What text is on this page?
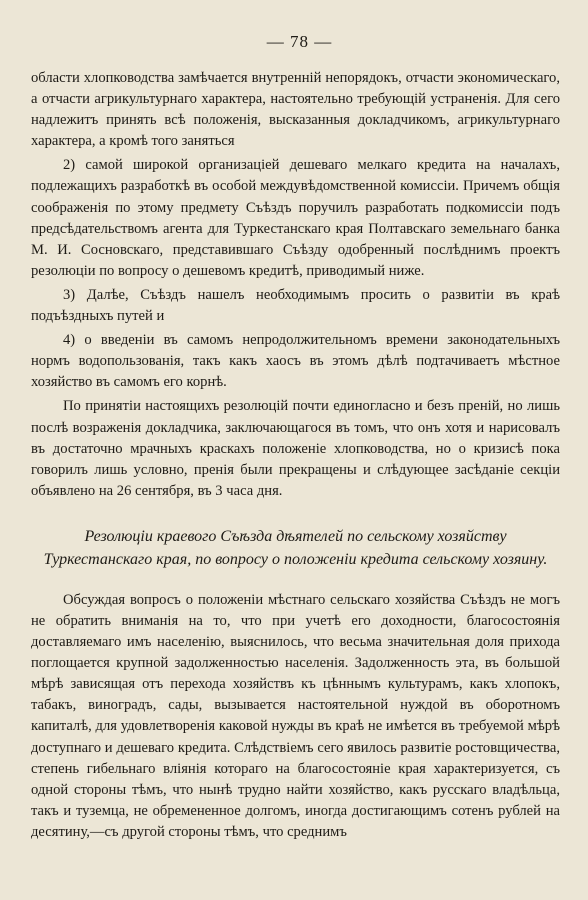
— 78 —

области хлопководства замѣчается внутренній непорядокъ, отчасти экономическаго, а отчасти агрикультурнаго характера, настоятельно требующій устраненія. Для сего надлежитъ принять всѣ положенія, высказанныя докладчикомъ, агрикультурнаго характера, а кромѣ того заняться

2) самой широкой организаціей дешеваго мелкаго кредита на началахъ, подлежащихъ разработкѣ въ особой междувѣдомственной комиссіи. Причемъ общія соображенія по этому предмету Съѣздъ поручилъ разработать подкомиссіи подъ предсѣдательствомъ агента для Туркестанскаго края Полтавскаго земельнаго банка М. И. Сосновскаго, представившаго Съѣзду одобренный послѣднимъ проектъ резолюціи по вопросу о дешевомъ кредитѣ, приводимый ниже.

3) Далѣе, Съѣздъ нашелъ необходимымъ просить о развитіи въ краѣ подъѣздныхъ путей и

4) о введеніи въ самомъ непродолжительномъ времени законодательныхъ нормъ водопользованія, такъ какъ хаосъ въ этомъ дѣлѣ подтачиваетъ мѣстное хозяйство въ самомъ его корнѣ.

По принятіи настоящихъ резолюцій почти единогласно и безъ преній, но лишь послѣ возраженія докладчика, заключающагося въ томъ, что онъ хотя и нарисовалъ въ достаточно мрачныхъ краскахъ положеніе хлопководства, но о кризисѣ пока говорилъ лишь условно, пренія были прекращены и слѣдующее засѣданіе секціи объявлено на 26 сентября, въ 3 часа дня.

Резолюціи краевого Съѣзда дѣятелей по сельскому хозяйству Туркестанскаго края, по вопросу о положеніи кредита сельскому хозяину.

Обсуждая вопросъ о положеніи мѣстнаго сельскаго хозяйства Съѣздъ не могъ не обратить вниманія на то, что при учетѣ его доходности, благосостоянія доставляемаго имъ населенію, выяснилось, что весьма значительная доля прихода поглощается крупной задолженностью населенія. Задолженность эта, въ большой мѣрѣ зависящая отъ перехода хозяйствъ къ цѣннымъ культурамъ, какъ хлопокъ, табакъ, виноградъ, сады, вызывается настоятельной нуждой въ оборотномъ капиталѣ, для удовлетворенія каковой нужды въ краѣ не имѣется въ требуемой мѣрѣ доступнаго и дешеваго кредита. Слѣдствіемъ сего явилось развитіе ростовщичества, степень гибельнаго вліянія котораго на благосостояніе края характеризуется, съ одной стороны тѣмъ, что нынѣ трудно найти хозяйство, какъ русскаго владѣльца, такъ и туземца, не обремененное долгомъ, иногда достигающимъ сотенъ рублей на десятину,—съ другой стороны тѣмъ, что среднимъ
